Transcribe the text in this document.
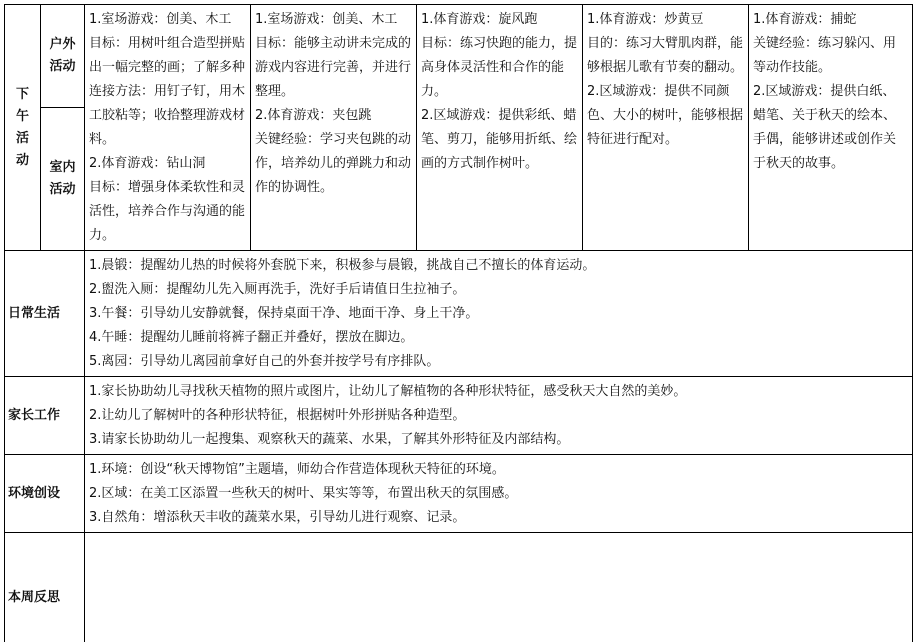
下午活动	户外活动	1.室场游戏：创美、木工
目标：用树叶组合造型拼贴出一幅完整的画；了解多种连接方法：用钉子钉，用木工胶粘等；收拾整理游戏材料。
2.体育游戏：钻山洞
目标：增强身体柔软性和灵活性，培养合作与沟通的能力。	1.室场游戏：创美、木工
目标：能够主动讲未完成的游戏内容进行完善，并进行整理。
2.体育游戏：夹包跳
关键经验：学习夹包跳的动作，培养幼儿的弹跳力和动作的协调性。	1.体育游戏：旋风跑
目标：练习快跑的能力，提高身体灵活性和合作的能力。
2.区域游戏：提供彩纸、蜡笔、剪刀，能够用折纸、绘画的方式制作树叶。	1.体育游戏：炒黄豆
目的：练习大臂肌肉群，能够根据儿歌有节奏的翻动。
2.区域游戏：提供不同颜色、大小的树叶，能够根据特征进行配对。	1.体育游戏：捕蛇
关键经验：练习躲闪、用等动作技能。
2.区域游戏：提供白纸、蜡笔、关于秋天的绘本、手偶，能够讲述或创作关于秋天的故事。

	室内活动					
日常生活		1.晨锻：提醒幼儿热的时候将外套脱下来，积极参与晨锻，挑战自己不擅长的体育运动。
2.盥洗入厕：提醒幼儿先入厕再洗手，洗好手后请值日生拉袖子。
3.午餐：引导幼儿安静就餐，保持桌面干净、地面干净、身上干净。
4.午睡：提醒幼儿睡前将裤子翻正并叠好，摆放在脚边。
5.离园：引导幼儿离园前拿好自己的外套并按学号有序排队。				

家长工作		1.家长协助幼儿寻找秋天植物的照片或图片，让幼儿了解植物的各种形状特征，感受秋天大自然的美妙。
2.让幼儿了解树叶的各种形状特征，根据树叶外形拼贴各种造型。
3.请家长协助幼儿一起搜集、观察秋天的蔬菜、水果，了解其外形特征及内部结构。				

环境创设		1.环境：创设“秋天博物馆”主题墙，师幼合作营造体现秋天特征的环境。
2.区域：在美工区添置一些秋天的树叶、果实等等，布置出秋天的氛围感。
3.自然角：增添秋天丰收的蔬菜水果，引导幼儿进行观察、记录。				

本周反思						
